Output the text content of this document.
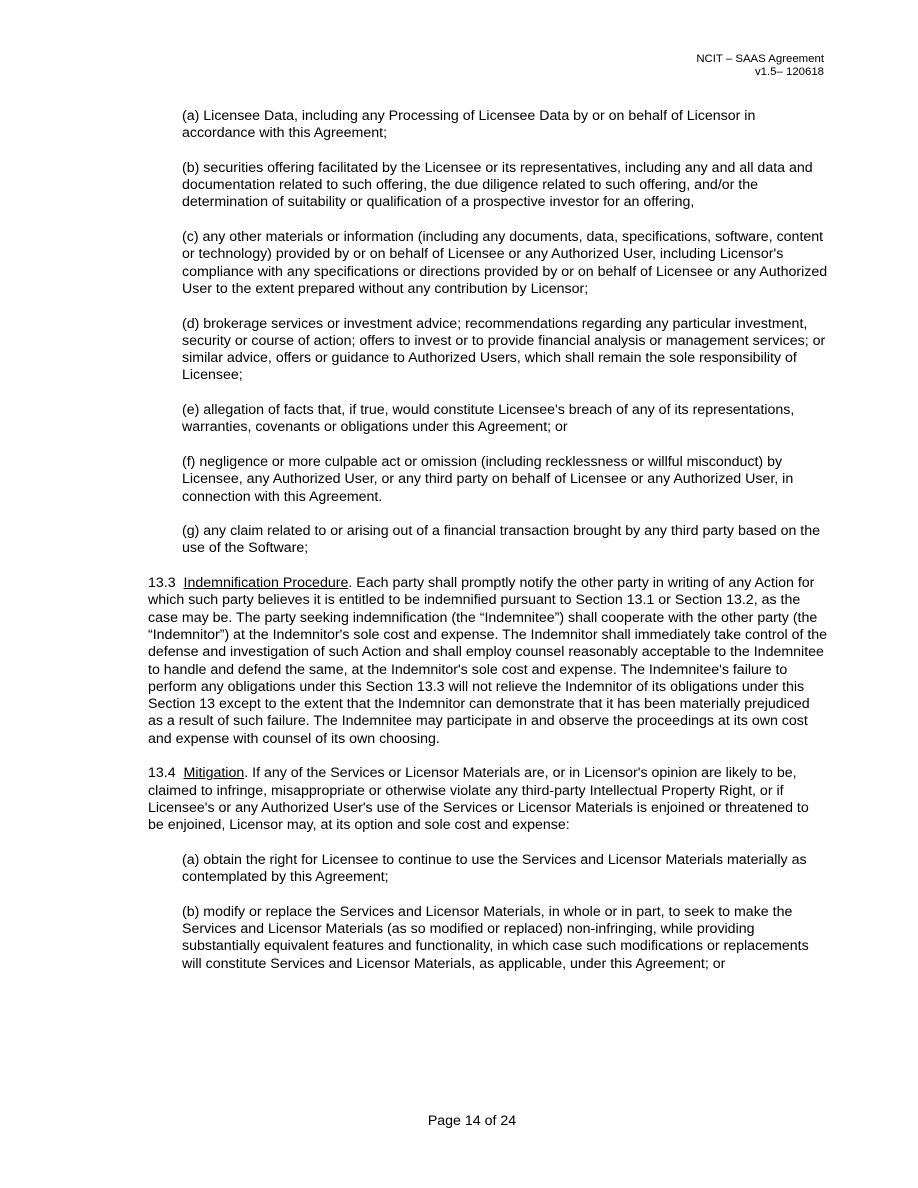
NCIT – SAAS Agreement
v1.5– 120618

(a) Licensee Data, including any Processing of Licensee Data by or on behalf of Licensor in accordance with this Agreement;

(b) securities offering facilitated by the Licensee or its representatives, including any and all data and documentation related to such offering, the due diligence related to such offering, and/or the determination of suitability or qualification of a prospective investor for an offering,

(c) any other materials or information (including any documents, data, specifications, software, content or technology) provided by or on behalf of Licensee or any Authorized User, including Licensor's compliance with any specifications or directions provided by or on behalf of Licensee or any Authorized User to the extent prepared without any contribution by Licensor;

(d) brokerage services or investment advice; recommendations regarding any particular investment, security or course of action; offers to invest or to provide financial analysis or management services; or similar advice, offers or guidance to Authorized Users, which shall remain the sole responsibility of Licensee;

(e) allegation of facts that, if true, would constitute Licensee's breach of any of its representations, warranties, covenants or obligations under this Agreement; or

(f) negligence or more culpable act or omission (including recklessness or willful misconduct) by Licensee, any Authorized User, or any third party on behalf of Licensee or any Authorized User, in connection with this Agreement.

(g) any claim related to or arising out of a financial transaction brought by any third party based on the use of the Software;

13.3 Indemnification Procedure. Each party shall promptly notify the other party in writing of any Action for which such party believes it is entitled to be indemnified pursuant to Section 13.1 or Section 13.2, as the case may be. The party seeking indemnification (the “Indemnitee”) shall cooperate with the other party (the “Indemnitor”) at the Indemnitor's sole cost and expense. The Indemnitor shall immediately take control of the defense and investigation of such Action and shall employ counsel reasonably acceptable to the Indemnitee to handle and defend the same, at the Indemnitor's sole cost and expense. The Indemnitee's failure to perform any obligations under this Section 13.3 will not relieve the Indemnitor of its obligations under this Section 13 except to the extent that the Indemnitor can demonstrate that it has been materially prejudiced as a result of such failure. The Indemnitee may participate in and observe the proceedings at its own cost and expense with counsel of its own choosing.

13.4 Mitigation. If any of the Services or Licensor Materials are, or in Licensor's opinion are likely to be, claimed to infringe, misappropriate or otherwise violate any third-party Intellectual Property Right, or if Licensee's or any Authorized User's use of the Services or Licensor Materials is enjoined or threatened to be enjoined, Licensor may, at its option and sole cost and expense:

(a) obtain the right for Licensee to continue to use the Services and Licensor Materials materially as contemplated by this Agreement;

(b) modify or replace the Services and Licensor Materials, in whole or in part, to seek to make the Services and Licensor Materials (as so modified or replaced) non-infringing, while providing substantially equivalent features and functionality, in which case such modifications or replacements will constitute Services and Licensor Materials, as applicable, under this Agreement; or

Page 14 of 24
